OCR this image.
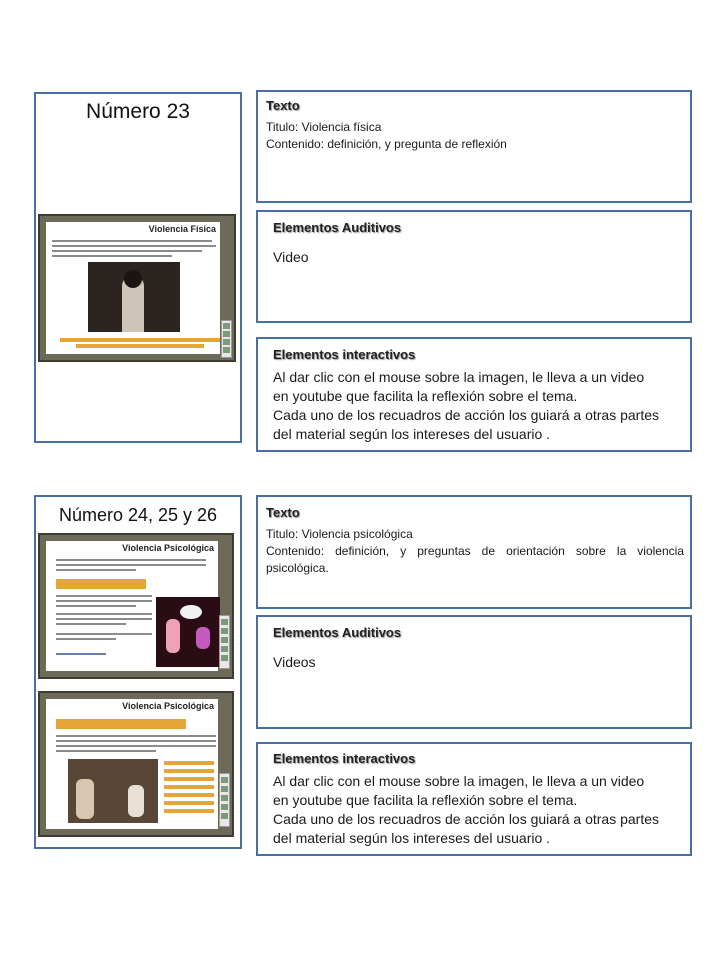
Número 23
Violencia Física
Texto
Titulo: Violencia física
Contenido: definición, y pregunta de reflexión
Elementos Auditivos
Video
Elementos interactivos
Al dar clic con el mouse sobre la imagen, le lleva a un video
en youtube que facilita la reflexión sobre el tema.
Cada uno de los recuadros de acción los guiará a otras partes
del material según los intereses del usuario .
Número 24, 25 y 26
Violencia Psicológica
Violencia Psicológica
Texto
Titulo: Violencia psicológica
Contenido: definición, y preguntas de orientación sobre la violencia
psicológica.
Elementos Auditivos
Videos
Elementos interactivos
Al dar clic con el mouse sobre la imagen, le lleva a un video
en youtube que facilita la reflexión sobre el tema.
Cada uno de los recuadros de acción los guiará a otras partes
del material según los intereses del usuario .
